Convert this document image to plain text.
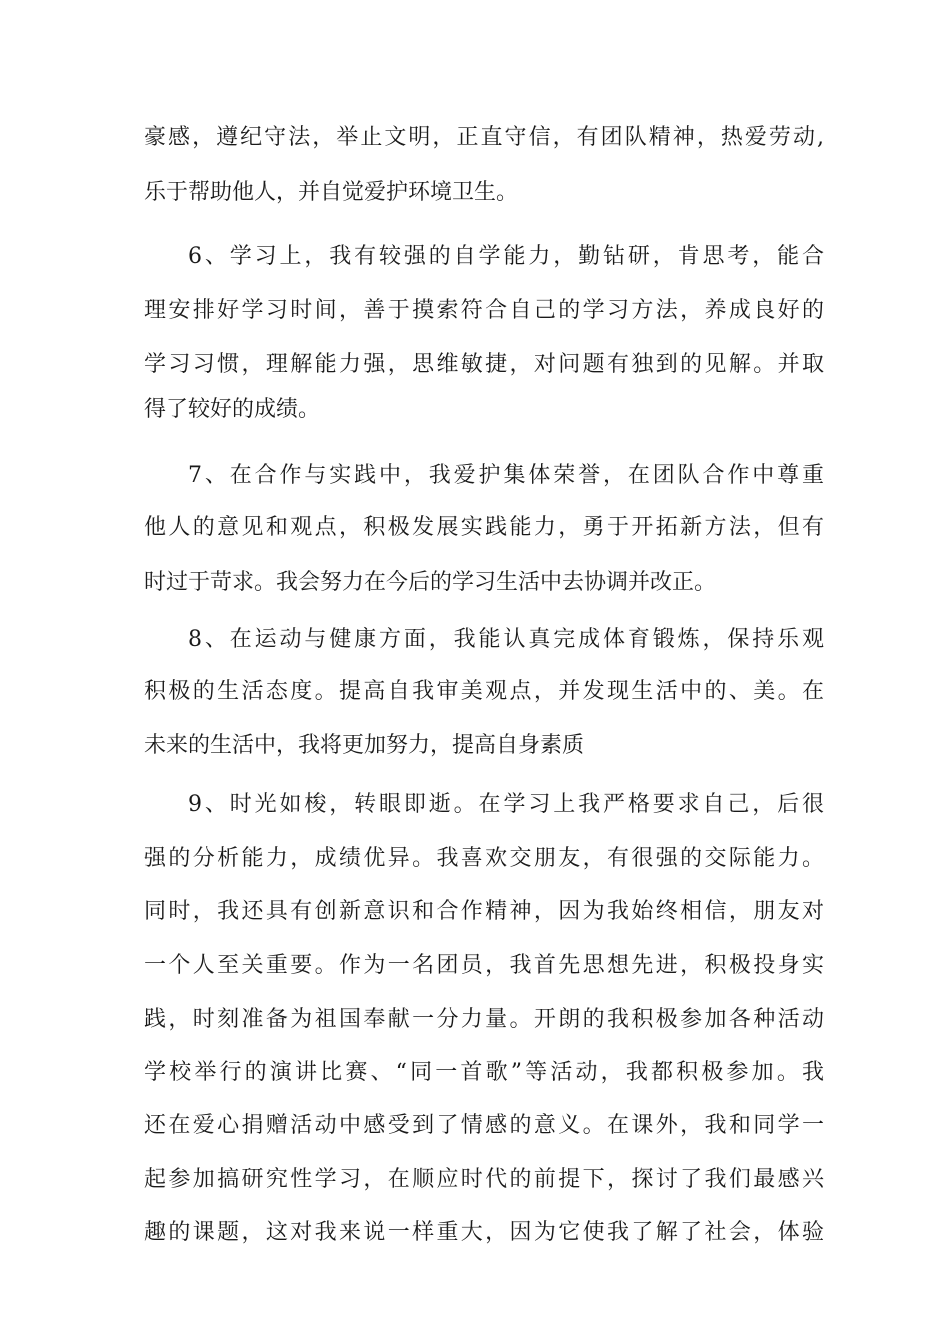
豪感，遵纪守法，举止文明，正直守信，有团队精神，热爱劳动,
乐于帮助他人，并自觉爱护环境卫生。
6、学习上，我有较强的自学能力，勤钻研，肯思考，能合
理安排好学习时间，善于摸索符合自己的学习方法，养成良好的
学习习惯，理解能力强，思维敏捷，对问题有独到的见解。并取
得了较好的成绩。
7、在合作与实践中，我爱护集体荣誉，在团队合作中尊重
他人的意见和观点，积极发展实践能力，勇于开拓新方法，但有
时过于苛求。我会努力在今后的学习生活中去协调并改正。
8、在运动与健康方面，我能认真完成体育锻炼，保持乐观
积极的生活态度。提高自我审美观点，并发现生活中的、美。在
未来的生活中，我将更加努力，提高自身素质
9、时光如梭，转眼即逝。在学习上我严格要求自己，后很
强的分析能力，成绩优异。我喜欢交朋友，有很强的交际能力。
同时，我还具有创新意识和合作精神，因为我始终相信，朋友对
一个人至关重要。作为一名团员，我首先思想先进，积极投身实
践，时刻准备为祖国奉献一分力量。开朗的我积极参加各种活动
学校举行的演讲比赛、“同一首歌”等活动，我都积极参加。我
还在爱心捐赠活动中感受到了情感的意义。在课外，我和同学一
起参加搞研究性学习，在顺应时代的前提下，探讨了我们最感兴
趣的课题，这对我来说一样重大，因为它使我了解了社会，体验
